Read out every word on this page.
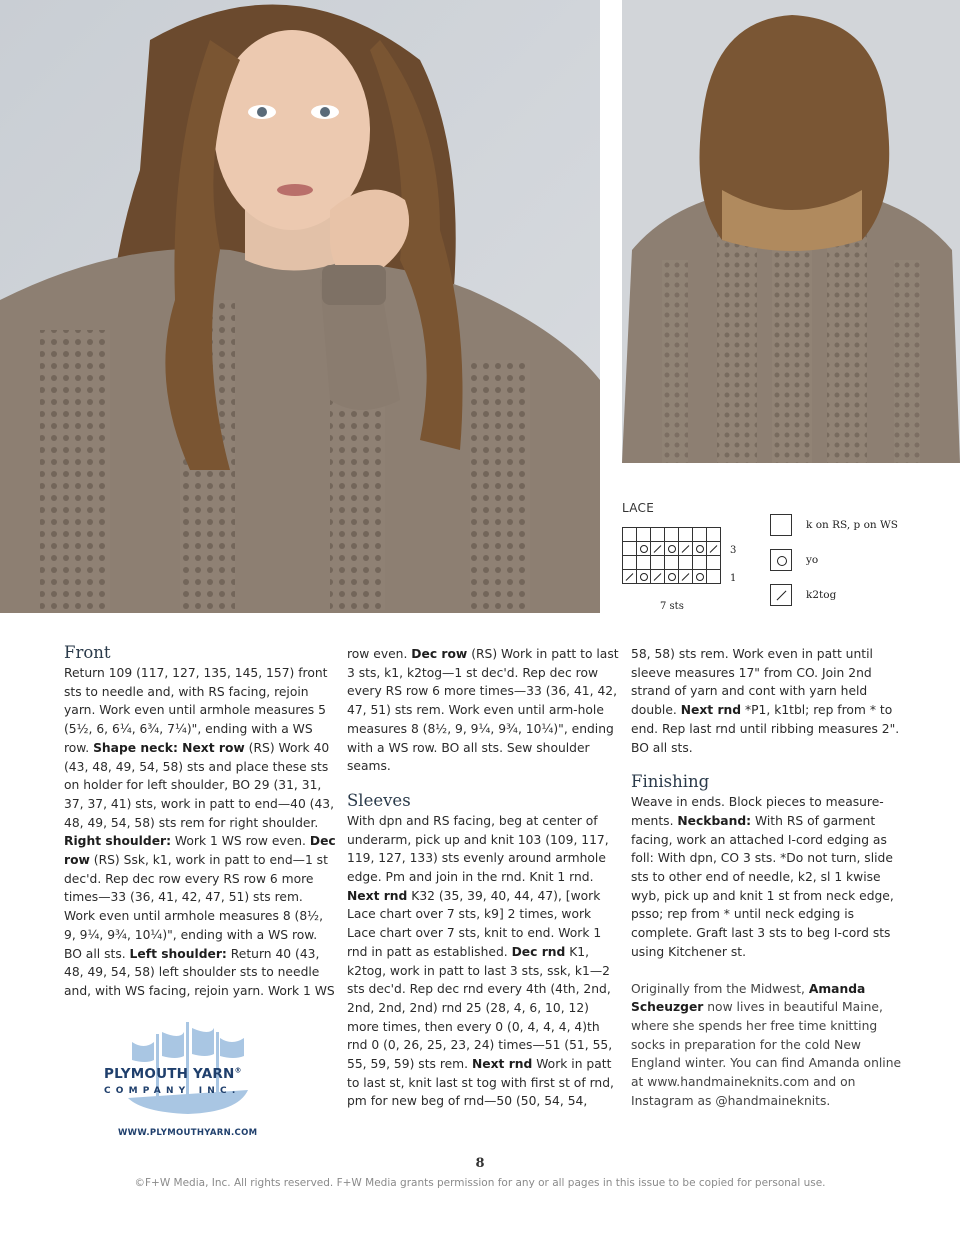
LACE
3
1
7 sts
k on RS, p on WS
yo
k2tog
Front

Return 109 (117, 127, 135, 145, 157) front sts to needle and, with RS facing, rejoin yarn. Work even until armhole measures 5 (5½, 6, 6¼, 6¾, 7¼)", ending with a WS row. Shape neck: Next row (RS) Work 40 (43, 48, 49, 54, 58) sts and place these sts on holder for left shoulder, BO 29 (31, 31, 37, 37, 41) sts, work in patt to end—40 (43, 48, 49, 54, 58) sts rem for right shoulder. Right shoulder: Work 1 WS row even. Dec row (RS) Ssk, k1, work in patt to end—1 st dec'd. Rep dec row every RS row 6 more times—33 (36, 41, 42, 47, 51) sts rem. Work even until armhole measures 8 (8½, 9, 9¼, 9¾, 10¼)", ending with a WS row. BO all sts. Left shoulder: Return 40 (43, 48, 49, 54, 58) left shoulder sts to needle and, with WS facing, rejoin yarn. Work 1 WS

PLYMOUTH YARN®
COMPANY INC.
WWW.PLYMOUTHYARN.COM

row even. Dec row (RS) Work in patt to last 3 sts, k1, k2tog—1 st dec'd. Rep dec row every RS row 6 more times—33 (36, 41, 42, 47, 51) sts rem. Work even until arm-hole measures 8 (8½, 9, 9¼, 9¾, 10¼)", ending with a WS row. BO all sts. Sew shoulder seams.

Sleeves

With dpn and RS facing, beg at center of underarm, pick up and knit 103 (109, 117, 119, 127, 133) sts evenly around armhole edge. Pm and join in the rnd. Knit 1 rnd. Next rnd K32 (35, 39, 40, 44, 47), [work Lace chart over 7 sts, k9] 2 times, work Lace chart over 7 sts, knit to end. Work 1 rnd in patt as established. Dec rnd K1, k2tog, work in patt to last 3 sts, ssk, k1—2 sts dec'd. Rep dec rnd every 4th (4th, 2nd, 2nd, 2nd, 2nd) rnd 25 (28, 4, 6, 10, 12) more times, then every 0 (0, 4, 4, 4, 4)th rnd 0 (0, 26, 25, 23, 24) times—51 (51, 55, 55, 59, 59) sts rem. Next rnd Work in patt to last st, knit last st tog with first st of rnd, pm for new beg of rnd—50 (50, 54, 54,

58, 58) sts rem. Work even in patt until sleeve measures 17" from CO. Join 2nd strand of yarn and cont with yarn held double. Next rnd *P1, k1tbl; rep from * to end. Rep last rnd until ribbing measures 2". BO all sts.

Finishing

Weave in ends. Block pieces to measure-ments. Neckband: With RS of garment facing, work an attached I-cord edging as foll: With dpn, CO 3 sts. *Do not turn, slide sts to other end of needle, k2, sl 1 kwise wyb, pick up and knit 1 st from neck edge, psso; rep from * until neck edging is complete. Graft last 3 sts to beg I-cord sts using Kitchener st.

Originally from the Midwest, Amanda Scheuzger now lives in beautiful Maine, where she spends her free time knitting socks in preparation for the cold New England winter. You can find Amanda online at www.handmaineknits.com and on Instagram as @handmaineknits.

8
©F+W Media, Inc. All rights reserved. F+W Media grants permission for any or all pages in this issue to be copied for personal use.
